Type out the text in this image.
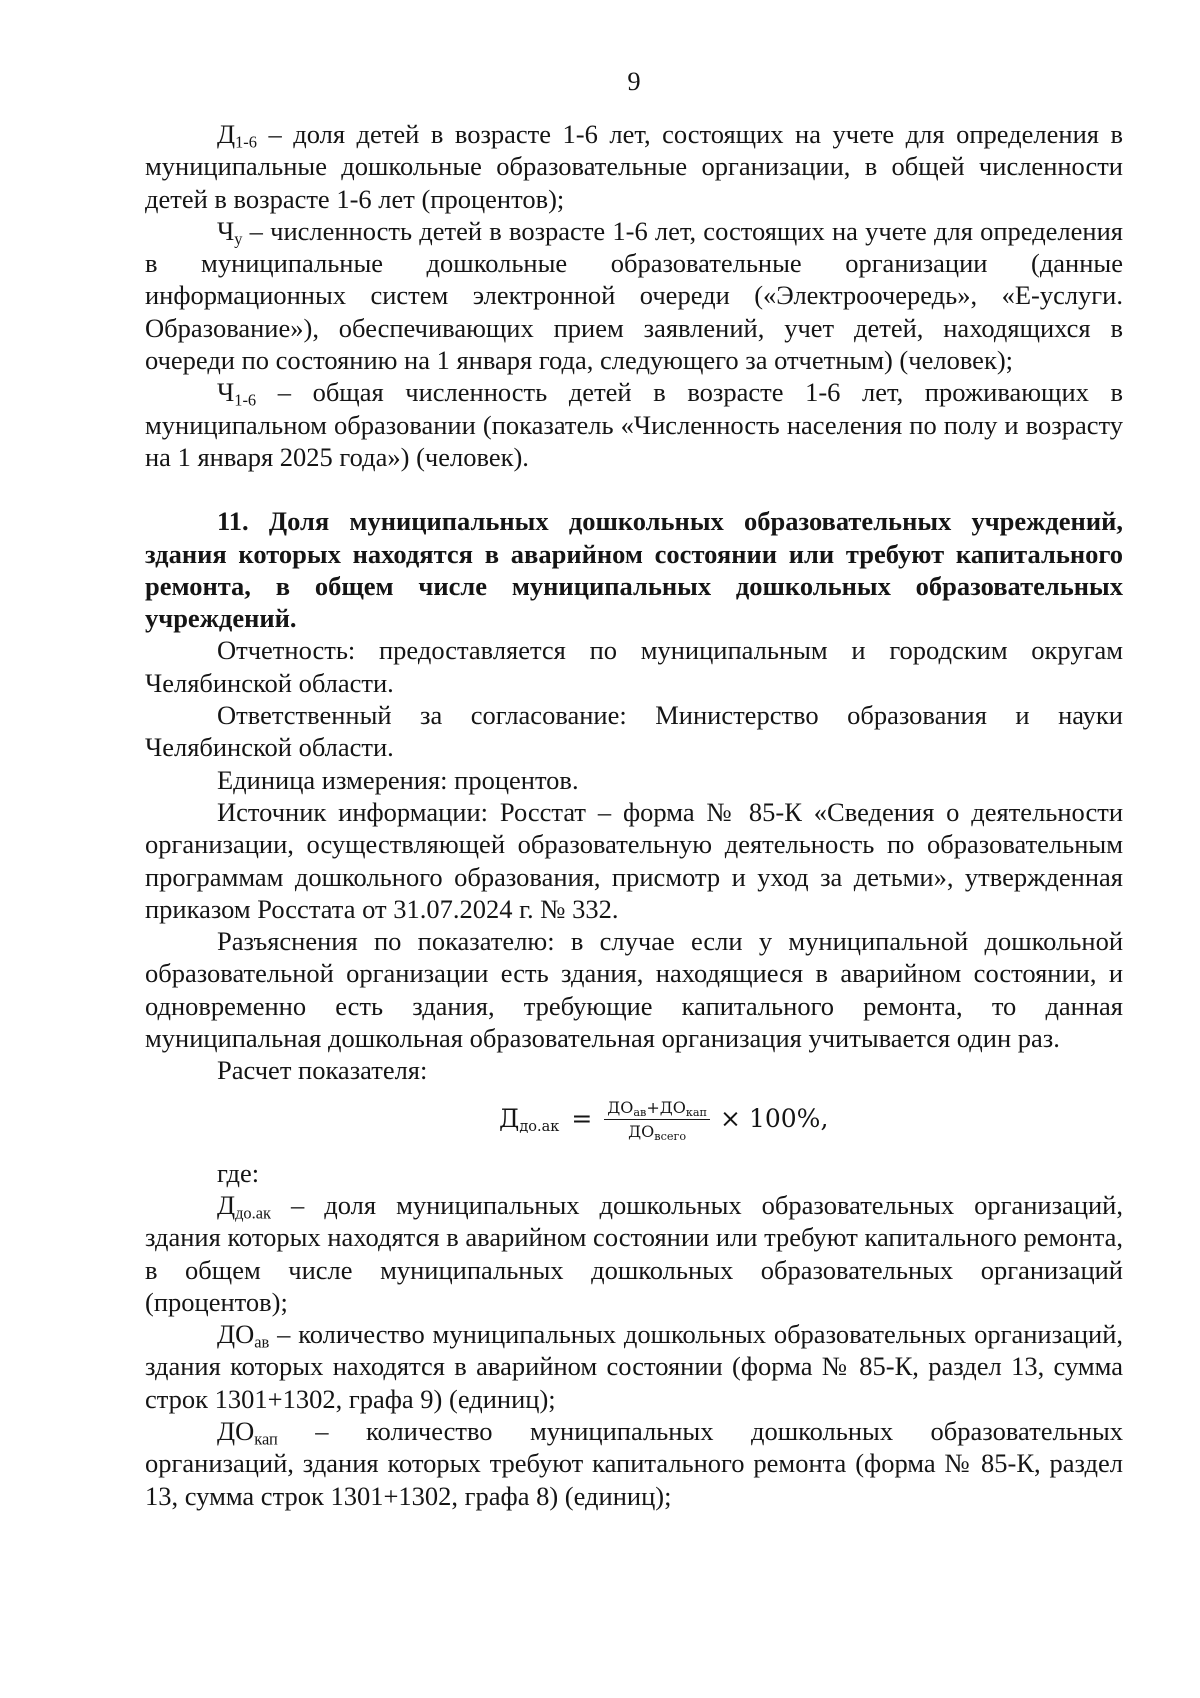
9

$Д_{1-6}$ – доля детей в возрасте 1-6 лет, состоящих на учете для определения в муниципальные дошкольные образовательные организации, в общей численности детей в возрасте 1-6 лет (процентов);

$Ч_у$ – численность детей в возрасте 1-6 лет, состоящих на учете для определения в муниципальные дошкольные образовательные организации (данные информационных систем электронной очереди («Электроочередь», «Е-услуги. Образование»), обеспечивающих прием заявлений, учет детей, находящихся в очереди по состоянию на 1 января года, следующего за отчетным) (человек);

$Ч_{1-6}$ – общая численность детей в возрасте 1-6 лет, проживающих в муниципальном образовании (показатель «Численность населения по полу и возрасту на 1 января 2025 года») (человек).

11. Доля муниципальных дошкольных образовательных учреждений, здания которых находятся в аварийном состоянии или требуют капитального ремонта, в общем числе муниципальных дошкольных образовательных учреждений.

Отчетность: предоставляется по муниципальным и городским округам Челябинской области.

Ответственный за согласование: Министерство образования и науки Челябинской области.

Единица измерения: процентов.

Источник информации: Росстат – форма № 85-К «Сведения о деятельности организации, осуществляющей образовательную деятельность по образовательным программам дошкольного образования, присмотр и уход за детьми», утвержденная приказом Росстата от 31.07.2024 г. № 332.

Разъяснения по показателю: в случае если у муниципальной дошкольной образовательной организации есть здания, находящиеся в аварийном состоянии, и одновременно есть здания, требующие капитального ремонта, то данная муниципальная дошкольная образовательная организация учитывается один раз.

Расчет показателя:

$Д_{до.ак} = \frac{ДО_{ав}+ДО_{кап}}{ДО_{всего}} \times 100\%$,

где:

$Д_{до.ак}$ – доля муниципальных дошкольных образовательных организаций, здания которых находятся в аварийном состоянии или требуют капитального ремонта, в общем числе муниципальных дошкольных образовательных организаций (процентов);

$ДО_{ав}$ – количество муниципальных дошкольных образовательных организаций, здания которых находятся в аварийном состоянии (форма № 85-К, раздел 13, сумма строк 1301+1302, графа 9) (единиц);

$ДО_{кап}$ – количество муниципальных дошкольных образовательных организаций, здания которых требуют капитального ремонта (форма № 85-К, раздел 13, сумма строк 1301+1302, графа 8) (единиц);
